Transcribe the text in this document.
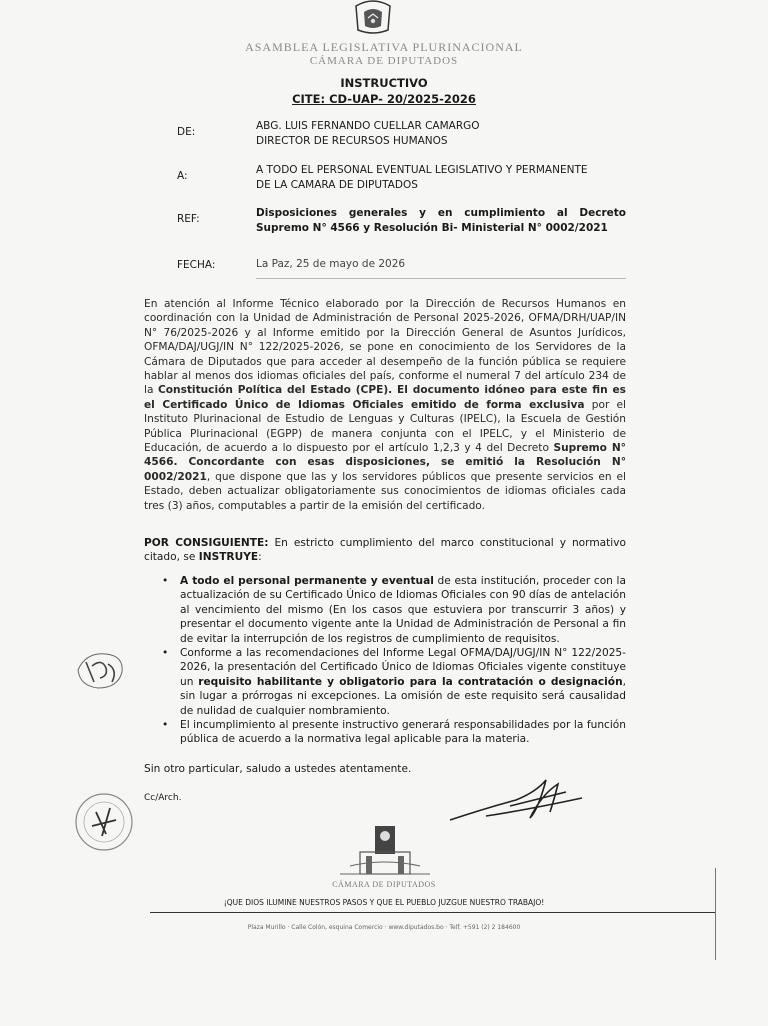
ASAMBLEA LEGISLATIVA PLURINACIONAL
CÁMARA DE DIPUTADOS
INSTRUCTIVO
CITE: CD-UAP- 20/2025-2026
DE:	ABG. LUIS FERNANDO CUELLAR CAMARGO
DIRECTOR DE RECURSOS HUMANOS
A:	A TODO EL PERSONAL EVENTUAL LEGISLATIVO Y PERMANENTE
DE LA CAMARA DE DIPUTADOS
REF:	Disposiciones generales y en cumplimiento al Decreto
Supremo N° 4566 y Resolución Bi- Ministerial N° 0002/2021
FECHA:	La Paz, 25 de mayo de 2026
En atención al Informe Técnico elaborado por la Dirección de Recursos Humanos en coordinación con la Unidad de Administración de Personal 2025-2026, OFMA/DRH/UAP/IN N° 76/2025-2026 y al Informe emitido por la Dirección General de Asuntos Jurídicos, OFMA/DAJ/UGJ/IN N° 122/2025-2026, se pone en conocimiento de los Servidores de la Cámara de Diputados que para acceder al desempeño de la función pública se requiere hablar al menos dos idiomas oficiales del país, conforme el numeral 7 del artículo 234 de la Constitución Política del Estado (CPE). El documento idóneo para este fin es el Certificado Único de Idiomas Oficiales emitido de forma exclusiva por el Instituto Plurinacional de Estudio de Lenguas y Culturas (IPELC), la Escuela de Gestión Pública Plurinacional (EGPP) de manera conjunta con el IPELC, y el Ministerio de Educación, de acuerdo a lo dispuesto por el artículo 1,2,3 y 4 del Decreto Supremo N° 4566. Concordante con esas disposiciones, se emitió la Resolución N° 0002/2021, que dispone que las y los servidores públicos que presente servicios en el Estado, deben actualizar obligatoriamente sus conocimientos de idiomas oficiales cada tres (3) años, computables a partir de la emisión del certificado.
POR CONSIGUIENTE: En estricto cumplimiento del marco constitucional y normativo citado, se INSTRUYE:
• A todo el personal permanente y eventual de esta institución, proceder con la actualización de su Certificado Único de Idiomas Oficiales con 90 días de antelación al vencimiento del mismo (En los casos que estuviera por transcurrir 3 años) y presentar el documento vigente ante la Unidad de Administración de Personal a fin de evitar la interrupción de los registros de cumplimiento de requisitos.
• Conforme a las recomendaciones del Informe Legal OFMA/DAJ/UGJ/IN N° 122/2025-2026, la presentación del Certificado Único de Idiomas Oficiales vigente constituye un requisito habilitante y obligatorio para la contratación o designación, sin lugar a prórrogas ni excepciones. La omisión de este requisito será causalidad de nulidad de cualquier nombramiento.
• El incumplimiento al presente instructivo generará responsabilidades por la función pública de acuerdo a la normativa legal aplicable para la materia.
Sin otro particular, saludo a ustedes atentamente.
Cc/Arch.
CÁMARA DE DIPUTADOS
¡QUE DIOS ILUMINE NUESTROS PASOS Y QUE EL PUEBLO JUZGUE NUESTRO TRABAJO!
Plaza Murillo · Calle Colón, esquina Comercio · www.diputados.bo · Telf. +591 (2) 2 184600
